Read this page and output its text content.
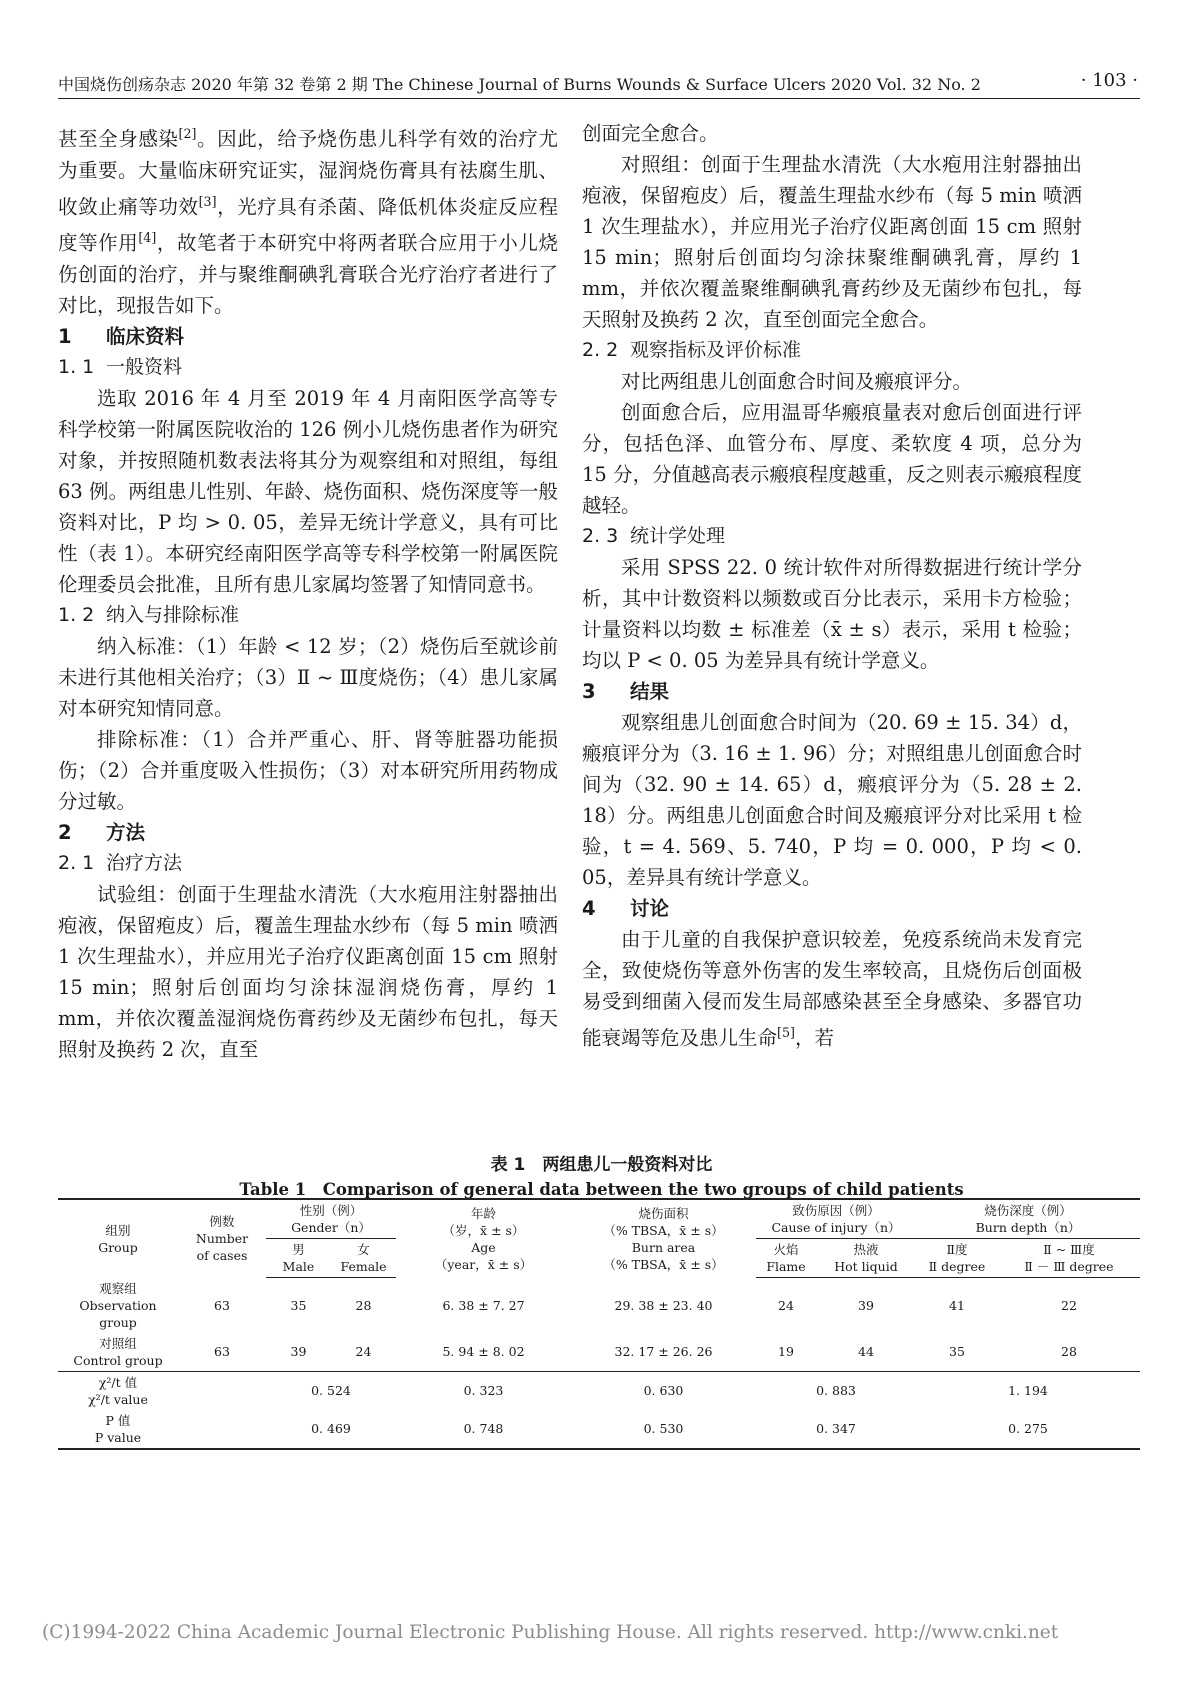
中国烧伤创疡杂志 2020 年第 32 卷第 2 期 The Chinese Journal of Burns Wounds & Surface Ulcers 2020 Vol. 32 No. 2	· 103 ·

甚至全身感染[2]。因此，给予烧伤患儿科学有效的治疗尤为重要。大量临床研究证实，湿润烧伤膏具有祛腐生肌、收敛止痛等功效[3]，光疗具有杀菌、降低机体炎症反应程度等作用[4]，故笔者于本研究中将两者联合应用于小儿烧伤创面的治疗，并与聚维酮碘乳膏联合光疗治疗者进行了对比，现报告如下。

1 临床资料
1. 1 一般资料

选取 2016 年 4 月至 2019 年 4 月南阳医学高等专科学校第一附属医院收治的 126 例小儿烧伤患者作为研究对象，并按照随机数表法将其分为观察组和对照组，每组 63 例。两组患儿性别、年龄、烧伤面积、烧伤深度等一般资料对比，P 均 > 0. 05，差异无统计学意义，具有可比性（表 1）。本研究经南阳医学高等专科学校第一附属医院伦理委员会批准，且所有患儿家属均签署了知情同意书。

1. 2 纳入与排除标准

纳入标准：（1）年龄 < 12 岁；（2）烧伤后至就诊前未进行其他相关治疗；（3）Ⅱ ~ Ⅲ度烧伤；（4）患儿家属对本研究知情同意。

排除标准：（1）合并严重心、肝、肾等脏器功能损伤；（2）合并重度吸入性损伤；（3）对本研究所用药物成分过敏。

2 方法
2. 1 治疗方法

试验组：创面于生理盐水清洗（大水疱用注射器抽出疱液，保留疱皮）后，覆盖生理盐水纱布（每 5 min 喷洒 1 次生理盐水），并应用光子治疗仪距离创面 15 cm 照射 15 min；照射后创面均匀涂抹湿润烧伤膏，厚约 1 mm，并依次覆盖湿润烧伤膏药纱及无菌纱布包扎，每天照射及换药 2 次，直至

创面完全愈合。

对照组：创面于生理盐水清洗（大水疱用注射器抽出疱液，保留疱皮）后，覆盖生理盐水纱布（每 5 min 喷洒 1 次生理盐水），并应用光子治疗仪距离创面 15 cm 照射 15 min；照射后创面均匀涂抹聚维酮碘乳膏，厚约 1 mm，并依次覆盖聚维酮碘乳膏药纱及无菌纱布包扎，每天照射及换药 2 次，直至创面完全愈合。

2. 2 观察指标及评价标准

对比两组患儿创面愈合时间及瘢痕评分。

创面愈合后，应用温哥华瘢痕量表对愈后创面进行评分，包括色泽、血管分布、厚度、柔软度 4 项，总分为 15 分，分值越高表示瘢痕程度越重，反之则表示瘢痕程度越轻。

2. 3 统计学处理

采用 SPSS 22. 0 统计软件对所得数据进行统计学分析，其中计数资料以频数或百分比表示，采用卡方检验；计量资料以均数 ± 标准差（x̄ ± s）表示，采用 t 检验；均以 P < 0. 05 为差异具有统计学意义。

3 结果

观察组患儿创面愈合时间为（20. 69 ± 15. 34）d，瘢痕评分为（3. 16 ± 1. 96）分；对照组患儿创面愈合时间为（32. 90 ± 14. 65）d，瘢痕评分为（5. 28 ± 2. 18）分。两组患儿创面愈合时间及瘢痕评分对比采用 t 检验，t = 4. 569、5. 740，P 均 = 0. 000，P 均 < 0. 05，差异具有统计学意义。

4 讨论

由于儿童的自我保护意识较差，免疫系统尚未发育完全，致使烧伤等意外伤害的发生率较高，且烧伤后创面极易受到细菌入侵而发生局部感染甚至全身感染、多器官功能衰竭等危及患儿生命[5]，若

表 1　两组患儿一般资料对比
Table 1　Comparison of general data between the two groups of child patients
组别
Group	例数
Number
of cases	性别（例）
Gender（n）		年龄
（岁，x̄ ± s）
Age
（year，x̄ ± s）	烧伤面积
（% TBSA，x̄ ± s）
Burn area
（% TBSA，x̄ ± s）	致伤原因（例）
Cause of injury（n）		烧伤深度（例）
Burn depth（n）	
		男
Male	女
Female			火焰
Flame	热液
Hot liquid	Ⅱ度
Ⅱ degree	Ⅱ ~ Ⅲ度
Ⅱ － Ⅲ degree
观察组
Observation group	63	35	28	6. 38 ± 7. 27	29. 38 ± 23. 40	24	39	41	22
对照组
Control group	63	39	24	5. 94 ± 8. 02	32. 17 ± 26. 26	19	44	35	28
χ²/t 值
χ²/t value		0. 524		0. 323	0. 630	0. 883		1. 194	
P 值
P value		0. 469		0. 748	0. 530	0. 347		0. 275	
(C)1994-2022 China Academic Journal Electronic Publishing House. All rights reserved. http://www.cnki.net
